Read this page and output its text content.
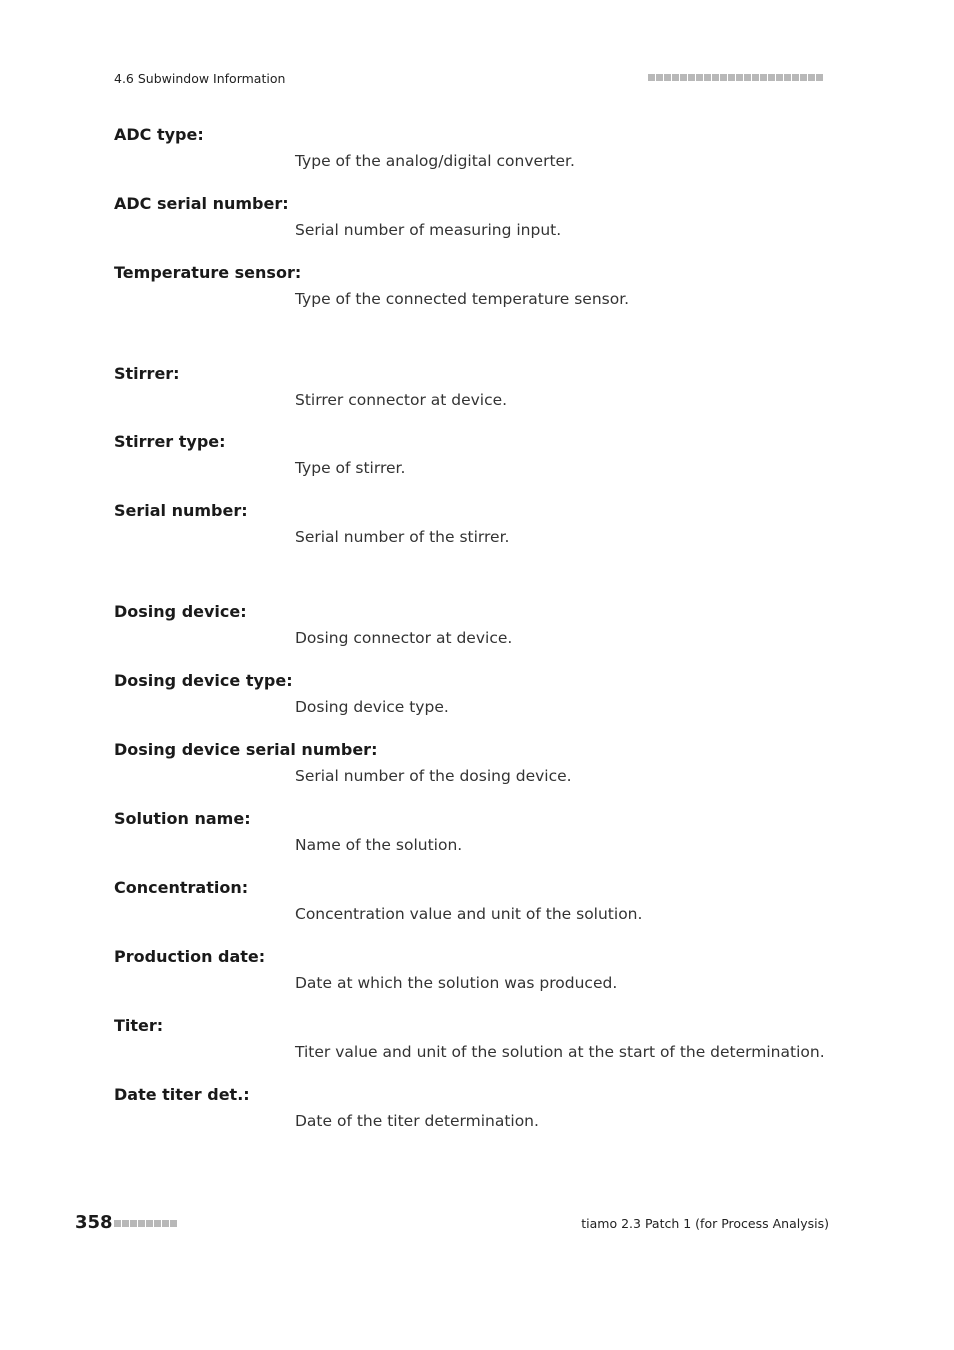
4.6 Subwindow Information
ADC type:
Type of the analog/digital converter.
ADC serial number:
Serial number of measuring input.
Temperature sensor:
Type of the connected temperature sensor.
Stirrer:
Stirrer connector at device.
Stirrer type:
Type of stirrer.
Serial number:
Serial number of the stirrer.
Dosing device:
Dosing connector at device.
Dosing device type:
Dosing device type.
Dosing device serial number:
Serial number of the dosing device.
Solution name:
Name of the solution.
Concentration:
Concentration value and unit of the solution.
Production date:
Date at which the solution was produced.
Titer:
Titer value and unit of the solution at the start of the determination.
Date titer det.:
Date of the titer determination.
358	tiamo 2.3 Patch 1 (for Process Analysis)
